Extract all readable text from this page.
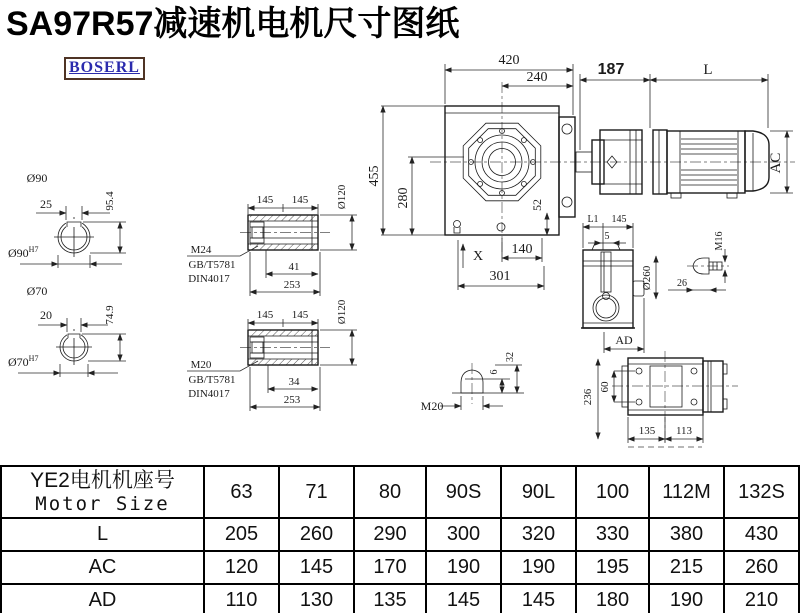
SA97R57减速机电机尺寸图纸
BOSERL	420
240
455
280	52
140
301
X
187	L
AC
Ø90
25	95.4
$Ø90^{H7}$
Ø70
20	74.9
$Ø70^{H7}$
145 145	Ø120
M24
GB/T5781
DIN4017
41
253
145 145	Ø120
M20
GB/T5781
DIN4017
34
253
L1 145
5
Ø260
AD
M16
26
M20
6
32
236
60
135 113
YE2电机机座号
Motor Size	63	71	80	90S	90L	100	112M	132S
L	205	260	290	300	320	330	380	430
AC	120	145	170	190	190	195	215	260
AD	110	130	135	145	145	180	190	210
